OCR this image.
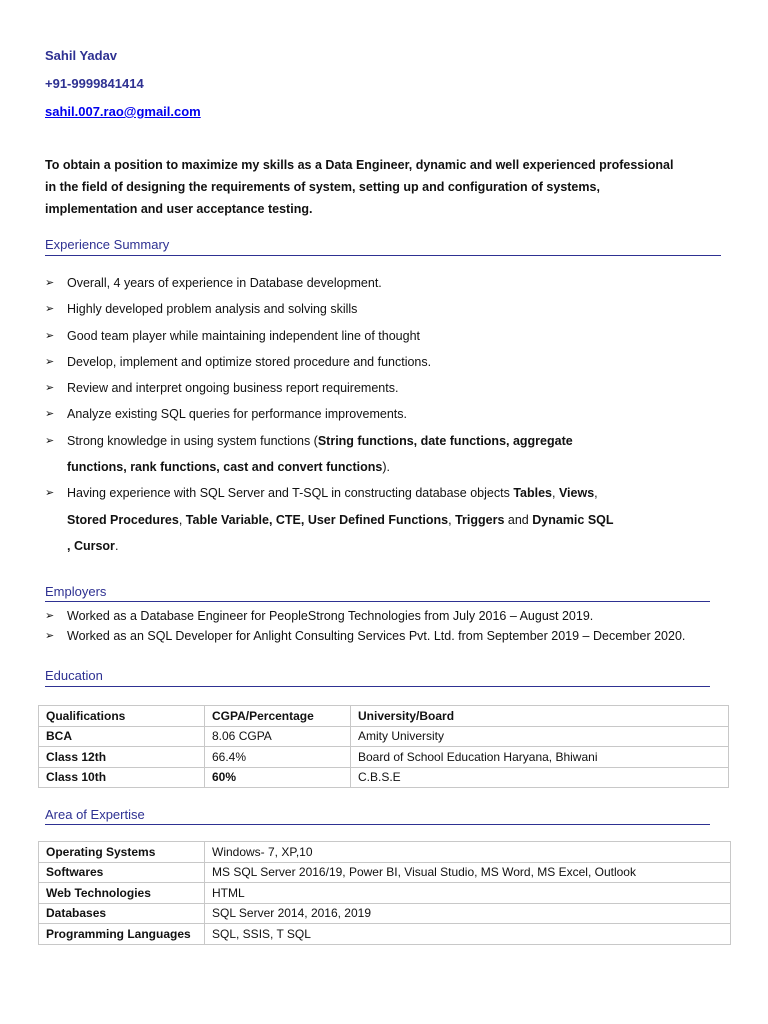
Sahil Yadav
+91-9999841414
sahil.007.rao@gmail.com
To obtain a position to maximize my skills as a Data Engineer, dynamic and well experienced professional in the field of designing the requirements of system, setting up and configuration of systems, implementation and user acceptance testing.
Experience Summary
➢ Overall, 4 years of experience in Database development.
➢ Highly developed problem analysis and solving skills
➢ Good team player while maintaining independent line of thought
➢ Develop, implement and optimize stored procedure and functions.
➢ Review and interpret ongoing business report requirements.
➢ Analyze existing SQL queries for performance improvements.
➢ Strong knowledge in using system functions (String functions, date functions, aggregate
functions, rank functions, cast and convert functions).
➢ Having experience with SQL Server and T-SQL in constructing database objects Tables, Views,
Stored Procedures, Table Variable, CTE, User Defined Functions, Triggers and Dynamic SQL
, Cursor.
Employers
➢ Worked as a Database Engineer for PeopleStrong Technologies from July 2016 – August 2019.
➢ Worked as an SQL Developer for Anlight Consulting Services Pvt. Ltd. from September 2019 – December 2020.
Education
Qualifications	CGPA/Percentage	University/Board
BCA	8.06 CGPA	Amity University
Class 12th	66.4%	Board of School Education Haryana, Bhiwani
Class 10th	60%	C.B.S.E
Area of Expertise
Operating Systems	Windows- 7, XP,10
Softwares	MS SQL Server 2016/19, Power BI, Visual Studio, MS Word, MS Excel, Outlook
Web Technologies	HTML
Databases	SQL Server 2014, 2016, 2019
Programming Languages	SQL, SSIS, T SQL
